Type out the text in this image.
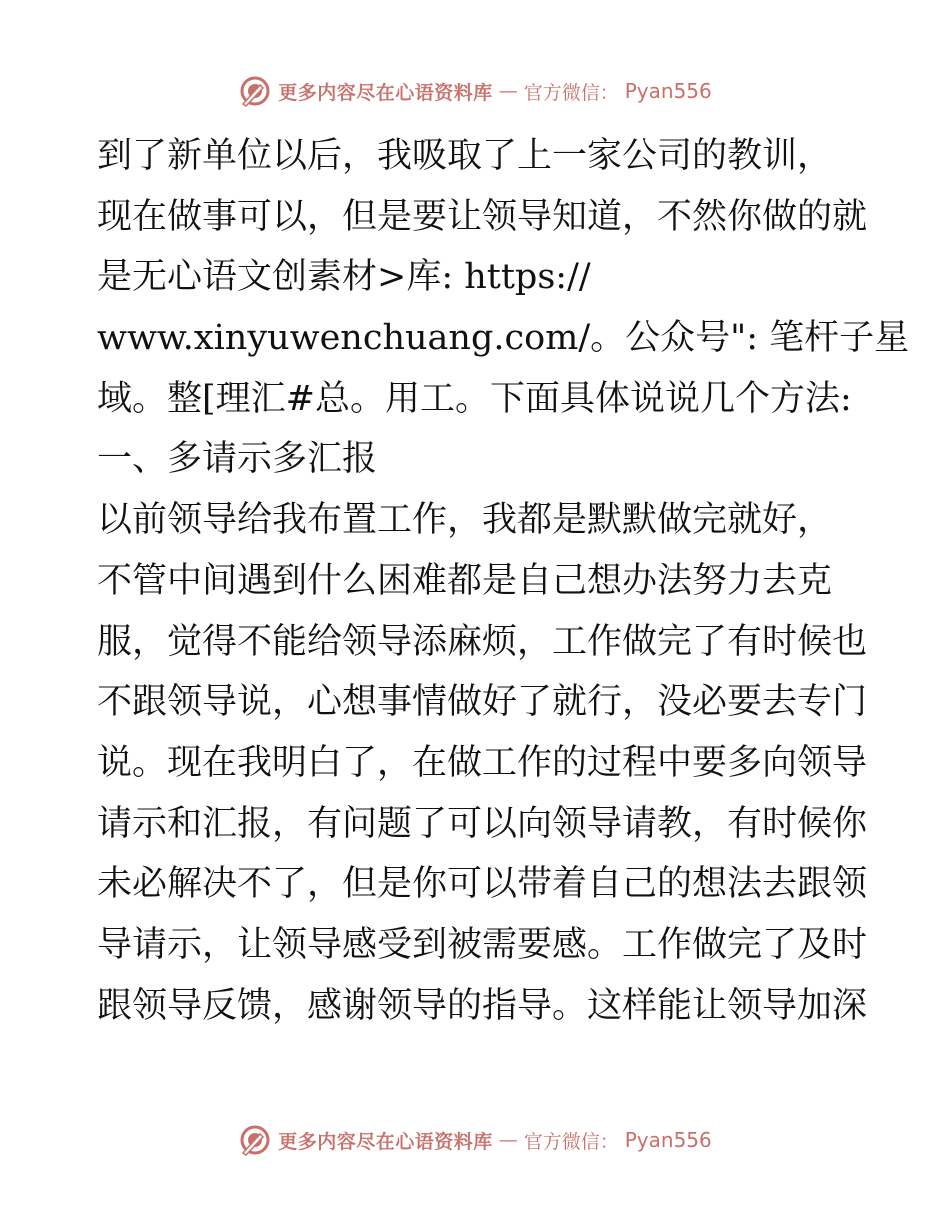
更多内容尽在心语资料库 — 官方微信： Pyan556
到了新单位以后，我吸取了上一家公司的教训，
现在做事可以，但是要让领导知道，不然你做的就
是无心语文创素材>库: https://
www.xinyuwenchuang.com/。公众号": 笔杆子星
域。整[理汇#总。用工。下面具体说说几个方法:
一、多请示多汇报
以前领导给我布置工作，我都是默默做完就好，
不管中间遇到什么困难都是自己想办法努力去克
服，觉得不能给领导添麻烦，工作做完了有时候也
不跟领导说，心想事情做好了就行，没必要去专门
说。现在我明白了，在做工作的过程中要多向领导
请示和汇报，有问题了可以向领导请教，有时候你
未必解决不了，但是你可以带着自己的想法去跟领
导请示，让领导感受到被需要感。工作做完了及时
跟领导反馈，感谢领导的指导。这样能让领导加深
更多内容尽在心语资料库 — 官方微信： Pyan556
